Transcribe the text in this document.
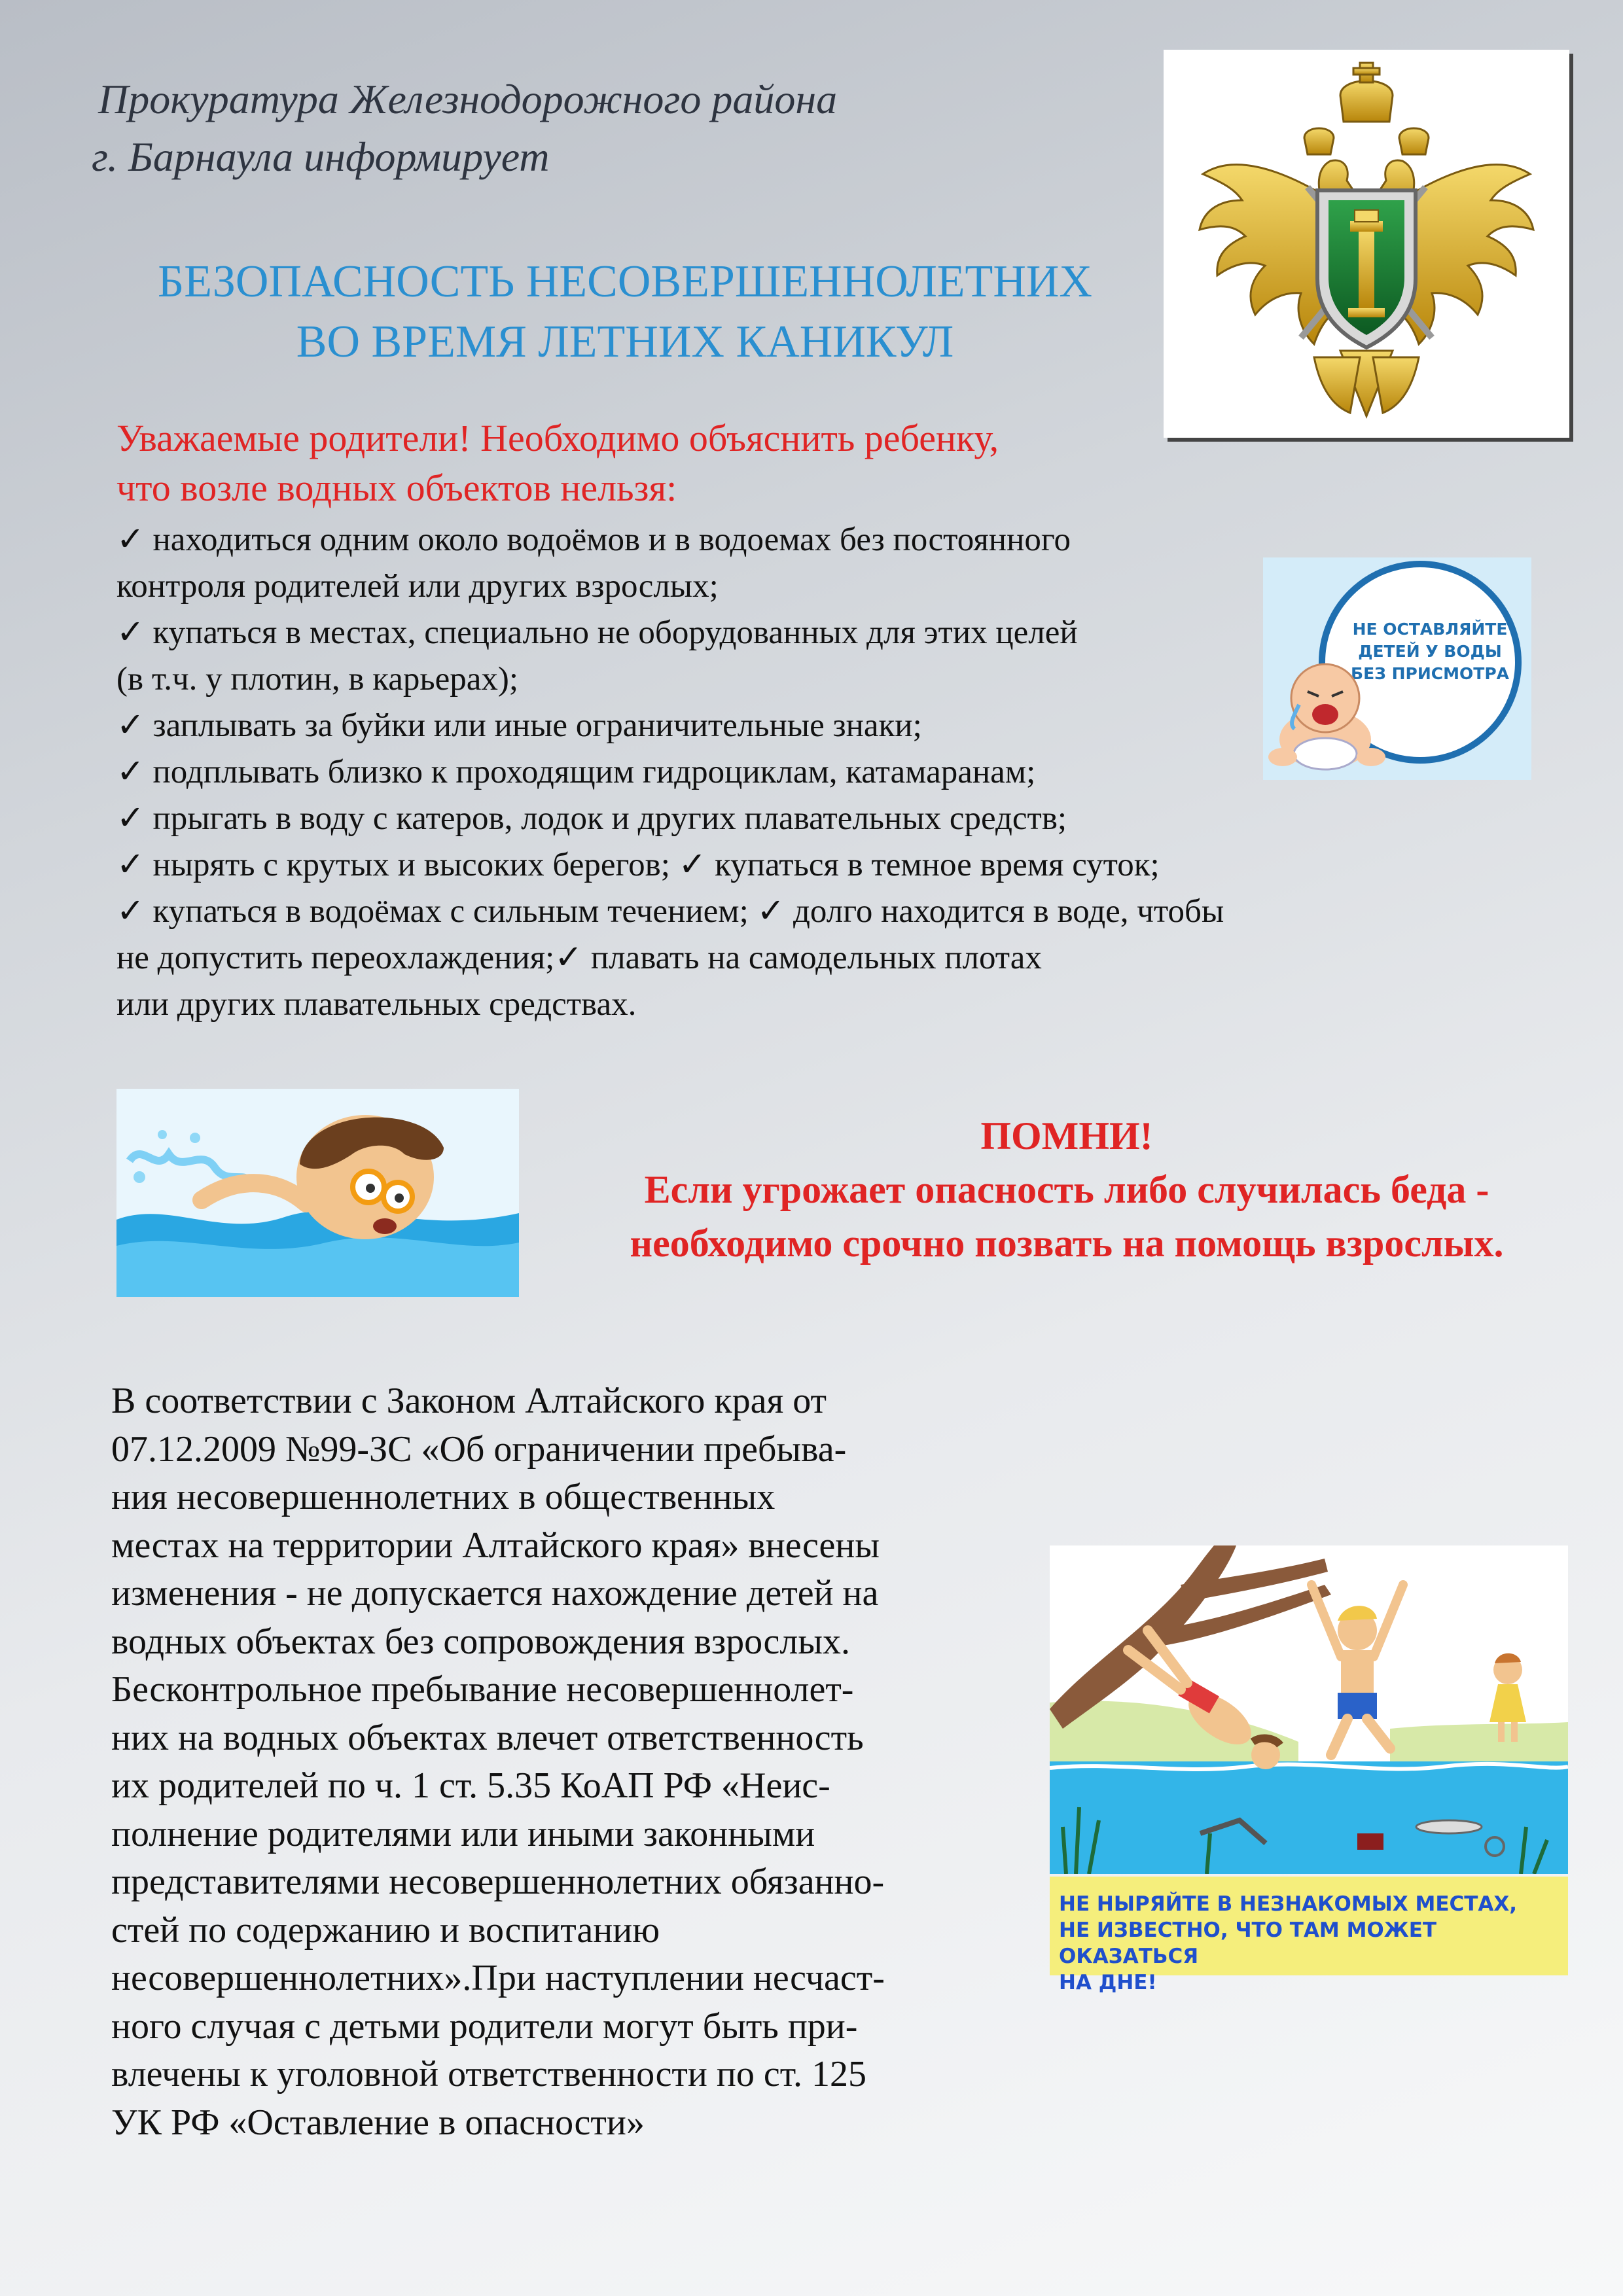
Прокуратура Железнодорожного района
г. Барнаула информирует
БЕЗОПАСНОСТЬ НЕСОВЕРШЕННОЛЕТНИХ
ВО ВРЕМЯ ЛЕТНИХ КАНИКУЛ
Уважаемые родители! Необходимо объяснить ребенку,
что возле водных объектов нельзя:
✓ находиться одним около водоёмов и в водоемах без постоянного
контроля родителей или других взрослых;
✓ купаться в местах, специально не оборудованных для этих целей
(в т.ч. у плотин, в карьерах);
✓ заплывать за буйки или иные ограничительные знаки;
✓ подплывать близко к проходящим гидроциклам, катамаранам;
✓ прыгать в воду с катеров, лодок и других плавательных средств;
✓ нырять с крутых и высоких берегов; ✓ купаться в темное время суток;
✓ купаться в водоёмах с сильным течением; ✓ долго находится в воде, чтобы
не допустить переохлаждения;✓ плавать на самодельных плотах
или других плавательных средствах.
НЕ ОСТАВЛЯЙТЕ
ДЕТЕЙ У ВОДЫ
БЕЗ ПРИСМОТРА
ПОМНИ!
Если угрожает опасность либо случилась беда -
необходимо срочно позвать на помощь взрослых.
В соответствии с Законом Алтайского края от
07.12.2009 №99-ЗС «Об ограничении пребыва-
ния несовершеннолетних в общественных
местах на территории Алтайского края» внесены
изменения - не допускается нахождение детей на
водных объектах без сопровождения взрослых.
Бесконтрольное пребывание несовершеннолет-
них на водных объектах влечет ответственность
их родителей по ч. 1 ст. 5.35 КоАП РФ «Неис-
полнение родителями или иными законными
представителями несовершеннолетних обязанно-
стей по содержанию и воспитанию
несовершеннолетних».При наступлении несчаст-
ного случая с детьми родители могут быть при-
влечены к уголовной ответственности по ст. 125
УК РФ «Оставление в опасности»
НЕ НЫРЯЙТЕ В НЕЗНАКОМЫХ МЕСТАХ,
НЕ ИЗВЕСТНО, ЧТО ТАМ МОЖЕТ ОКАЗАТЬСЯ
НА ДНЕ!
